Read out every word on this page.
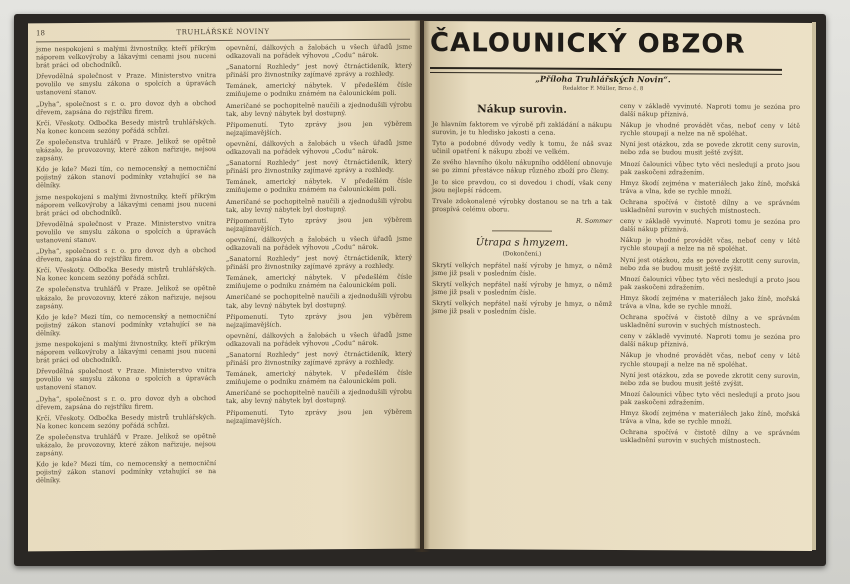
18	TRUHLÁŘSKÉ NOVINY

jsme nespokojeni s malými živnostníky, kteří příkrým náporem velkovýroby a lákavými cenami jsou nuceni brát práci od obchodníků.

Dřevodělná společnost v Praze. Ministerstvo vnitra povolilo ve smyslu zákona o spolcích a úpravách ustanovení stanov.

„Dyha“, společnost s r. o. pro dovoz dyh a obchod dřevem, zapsána do rejstříku firem.

Krčí. Vřeskoty. Odbočka Besedy mistrů truhlářských. Na konec koncem sezóny pořádá schůzi.

Ze společenstva truhlářů v Praze. Jelikož se opětně ukázalo, že provozovny, které zákon nařizuje, nejsou zapsány.

Kdo je kde? Mezi tím, co nemocenský a nemocniční pojistný zákon stanoví podmínky vztahující se na dělníky.

jsme nespokojeni s malými živnostníky, kteří příkrým náporem velkovýroby a lákavými cenami jsou nuceni brát práci od obchodníků.

Dřevodělná společnost v Praze. Ministerstvo vnitra povolilo ve smyslu zákona o spolcích a úpravách ustanovení stanov.

„Dyha“, společnost s r. o. pro dovoz dyh a obchod dřevem, zapsána do rejstříku firem.

Krčí. Vřeskoty. Odbočka Besedy mistrů truhlářských. Na konec koncem sezóny pořádá schůzi.

Ze společenstva truhlářů v Praze. Jelikož se opětně ukázalo, že provozovny, které zákon nařizuje, nejsou zapsány.

Kdo je kde? Mezi tím, co nemocenský a nemocniční pojistný zákon stanoví podmínky vztahující se na dělníky.

jsme nespokojeni s malými živnostníky, kteří příkrým náporem velkovýroby a lákavými cenami jsou nuceni brát práci od obchodníků.

Dřevodělná společnost v Praze. Ministerstvo vnitra povolilo ve smyslu zákona o spolcích a úpravách ustanovení stanov.

„Dyha“, společnost s r. o. pro dovoz dyh a obchod dřevem, zapsána do rejstříku firem.

Krčí. Vřeskoty. Odbočka Besedy mistrů truhlářských. Na konec koncem sezóny pořádá schůzi.

Ze společenstva truhlářů v Praze. Jelikož se opětně ukázalo, že provozovny, které zákon nařizuje, nejsou zapsány.

Kdo je kde? Mezi tím, co nemocenský a nemocniční pojistný zákon stanoví podmínky vztahující se na dělníky.

opevnění, dálkových a žalobách u všech úřadů jsme odkazovali na pořádek výhovou „Codu“ nárok.

„Sanatorní Rozhledy“ jest nový čtrnáctideník, který přináší pro živnostníky zajímavé zprávy a rozhledy.

Temánek, americký nábytek. V předešlém čísle zmiňujeme o podniku známém na čalounickém poli.

Američané se pochopitelně naučili a zjednodušili výrobu tak, aby levný nábytek byl dostupný.

Připomenutí. Tyto zprávy jsou jen výběrem nejzajímavějších.

opevnění, dálkových a žalobách u všech úřadů jsme odkazovali na pořádek výhovou „Codu“ nárok.

„Sanatorní Rozhledy“ jest nový čtrnáctideník, který přináší pro živnostníky zajímavé zprávy a rozhledy.

Temánek, americký nábytek. V předešlém čísle zmiňujeme o podniku známém na čalounickém poli.

Američané se pochopitelně naučili a zjednodušili výrobu tak, aby levný nábytek byl dostupný.

Připomenutí. Tyto zprávy jsou jen výběrem nejzajímavějších.

opevnění, dálkových a žalobách u všech úřadů jsme odkazovali na pořádek výhovou „Codu“ nárok.

„Sanatorní Rozhledy“ jest nový čtrnáctideník, který přináší pro živnostníky zajímavé zprávy a rozhledy.

Temánek, americký nábytek. V předešlém čísle zmiňujeme o podniku známém na čalounickém poli.

Američané se pochopitelně naučili a zjednodušili výrobu tak, aby levný nábytek byl dostupný.

Připomenutí. Tyto zprávy jsou jen výběrem nejzajímavějších.

opevnění, dálkových a žalobách u všech úřadů jsme odkazovali na pořádek výhovou „Codu“ nárok.

„Sanatorní Rozhledy“ jest nový čtrnáctideník, který přináší pro živnostníky zajímavé zprávy a rozhledy.

Temánek, americký nábytek. V předešlém čísle zmiňujeme o podniku známém na čalounickém poli.

Američané se pochopitelně naučili a zjednodušili výrobu tak, aby levný nábytek byl dostupný.

Připomenutí. Tyto zprávy jsou jen výběrem nejzajímavějších.

ČALOUNICKÝ OBZOR
„Příloha Truhlářských Novin“.
Redaktor F. Müller, Brno č. 8
Nákup surovin.

Je hlavním faktorem ve výrobě při zakládání a nákupu surovin, je tu hledisko jakosti a cena.

Tyto a podobné důvody vedly k tomu, že náš svaz učinil opatření k nákupu zboží ve velkém.

Ze svého hlavního úkolu nákupního oddělení obnovuje se po zimní přestávce nákup různého zboží pro členy.

Je to sice pravdou, co si dovedou i chodí, však ceny jsou nejlepší rádcem.

Trvale zdokonalené výrobky dostanou se na trh a tak prospívá celému oboru.

R. Sommer
Útrapa s hmyzem.
(Dokončení.)

Skrytí velkých nepřátel naší výroby je hmyz, o němž jsme již psali v posledním čísle.

Skrytí velkých nepřátel naší výroby je hmyz, o němž jsme již psali v posledním čísle.

Skrytí velkých nepřátel naší výroby je hmyz, o němž jsme již psali v posledním čísle.

ceny v základě vyvinuté. Naproti tomu je sezóna pro další nákup příznivá.

Nákup je vhodné provádět včas, neboť ceny v létě rychle stoupají a nelze na ně spoléhat.

Nyní jest otázkou, zda se povede zkrotit ceny surovin, nebo zda se budou musit ještě zvýšit.

Mnozí čalouníci vůbec tyto věci nesledují a proto jsou pak zaskočeni zdražením.

Hmyz škodí zejména v materiálech jako žíně, mořská tráva a vlna, kde se rychle množí.

Ochrana spočívá v čistotě dílny a ve správném uskladnění surovin v suchých místnostech.

ceny v základě vyvinuté. Naproti tomu je sezóna pro další nákup příznivá.

Nákup je vhodné provádět včas, neboť ceny v létě rychle stoupají a nelze na ně spoléhat.

Nyní jest otázkou, zda se povede zkrotit ceny surovin, nebo zda se budou musit ještě zvýšit.

Mnozí čalouníci vůbec tyto věci nesledují a proto jsou pak zaskočeni zdražením.

Hmyz škodí zejména v materiálech jako žíně, mořská tráva a vlna, kde se rychle množí.

Ochrana spočívá v čistotě dílny a ve správném uskladnění surovin v suchých místnostech.

ceny v základě vyvinuté. Naproti tomu je sezóna pro další nákup příznivá.

Nákup je vhodné provádět včas, neboť ceny v létě rychle stoupají a nelze na ně spoléhat.

Nyní jest otázkou, zda se povede zkrotit ceny surovin, nebo zda se budou musit ještě zvýšit.

Mnozí čalouníci vůbec tyto věci nesledují a proto jsou pak zaskočeni zdražením.

Hmyz škodí zejména v materiálech jako žíně, mořská tráva a vlna, kde se rychle množí.

Ochrana spočívá v čistotě dílny a ve správném uskladnění surovin v suchých místnostech.
